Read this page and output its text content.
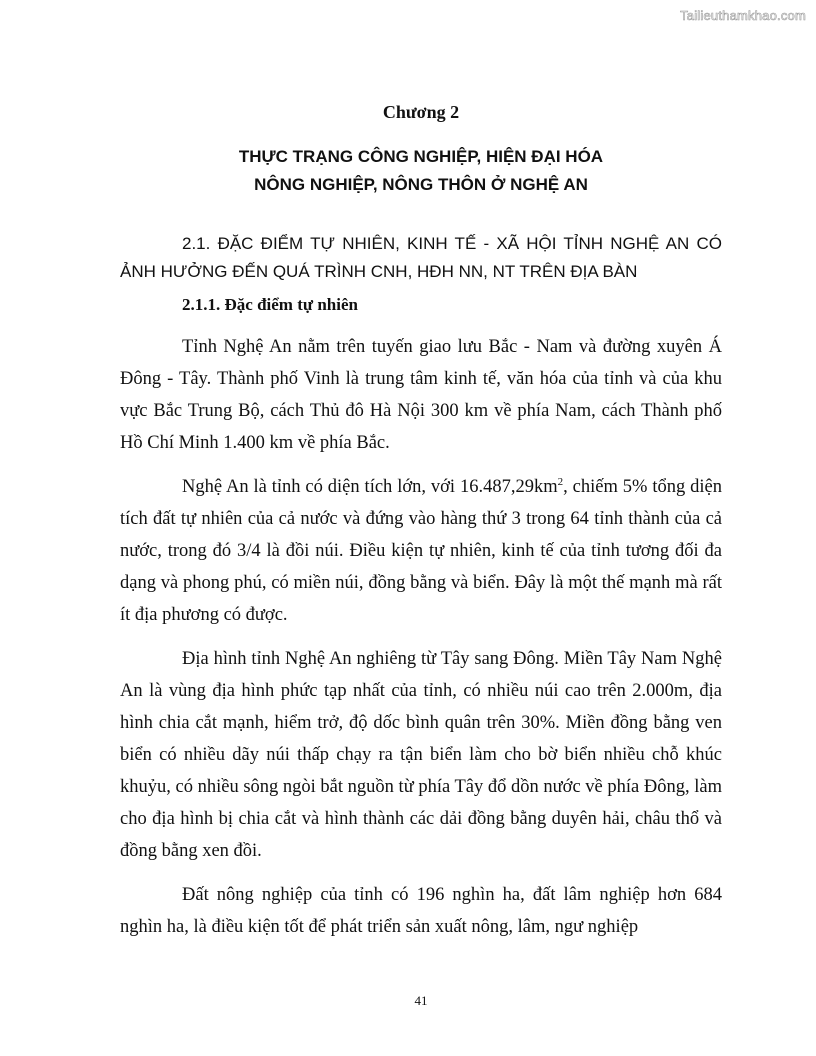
Tailieuthamkhao.com
Chương 2
THỰC TRẠNG CÔNG NGHIỆP, HIỆN ĐẠI HÓA
NÔNG NGHIỆP, NÔNG THÔN Ở NGHỆ AN
2.1. ĐẶC ĐIỂM TỰ NHIÊN, KINH TẾ - XÃ HỘI TỈNH NGHỆ AN CÓ ẢNH HƯỞNG ĐẾN QUÁ TRÌNH CNH, HĐH NN, NT TRÊN ĐỊA BÀN
2.1.1. Đặc điểm tự nhiên

Tỉnh Nghệ An nằm trên tuyến giao lưu Bắc - Nam và đường xuyên Á Đông - Tây. Thành phố Vinh là trung tâm kinh tế, văn hóa của tỉnh và của khu vực Bắc Trung Bộ, cách Thủ đô Hà Nội 300 km về phía Nam, cách Thành phố Hồ Chí Minh 1.400 km về phía Bắc.

Nghệ An là tỉnh có diện tích lớn, với $16.487,29km^2$, chiếm 5% tổng diện tích đất tự nhiên của cả nước và đứng vào hàng thứ 3 trong 64 tỉnh thành của cả nước, trong đó 3/4 là đồi núi. Điều kiện tự nhiên, kinh tế của tỉnh tương đối đa dạng và phong phú, có miền núi, đồng bằng và biển. Đây là một thế mạnh mà rất ít địa phương có được.

Địa hình tỉnh Nghệ An nghiêng từ Tây sang Đông. Miền Tây Nam Nghệ An là vùng địa hình phức tạp nhất của tỉnh, có nhiều núi cao trên 2.000m, địa hình chia cắt mạnh, hiểm trở, độ dốc bình quân trên 30%. Miền đồng bằng ven biển có nhiều dãy núi thấp chạy ra tận biển làm cho bờ biển nhiều chỗ khúc khuỷu, có nhiều sông ngòi bắt nguồn từ phía Tây đổ dồn nước về phía Đông, làm cho địa hình bị chia cắt và hình thành các dải đồng bằng duyên hải, châu thổ và đồng bằng xen đồi.

Đất nông nghiệp của tỉnh có 196 nghìn ha, đất lâm nghiệp hơn 684 nghìn ha, là điều kiện tốt để phát triển sản xuất nông, lâm, ngư nghiệp

41
